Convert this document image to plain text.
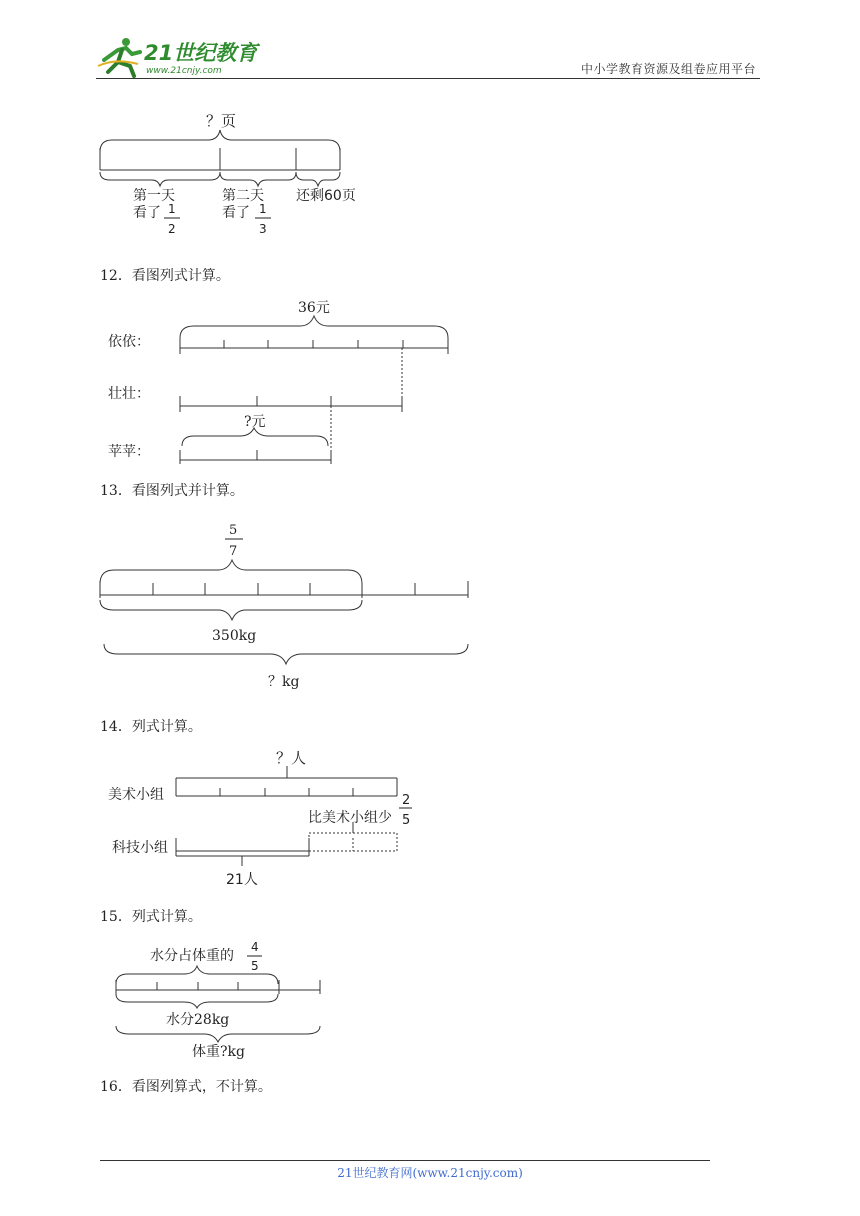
21世纪教育
www.21cnjy.com	中小学教育资源及组卷应用平台
12．看图列式计算。
13．看图列式并计算。
14．列式计算。
15．列式计算。
16．看图列算式，不计算。
？页
第一天
看了 1
2
第二天
看了 1
3
还剩60页
36元
依依：
壮壮：
?元
苹苹：
5
7
350kg
？kg
？人
美术小组
比美术小组少
2
5
科技小组
21人
水分占体重的
4
5
水分28kg
体重?kg
21世纪教育网(www.21cnjy.com)
